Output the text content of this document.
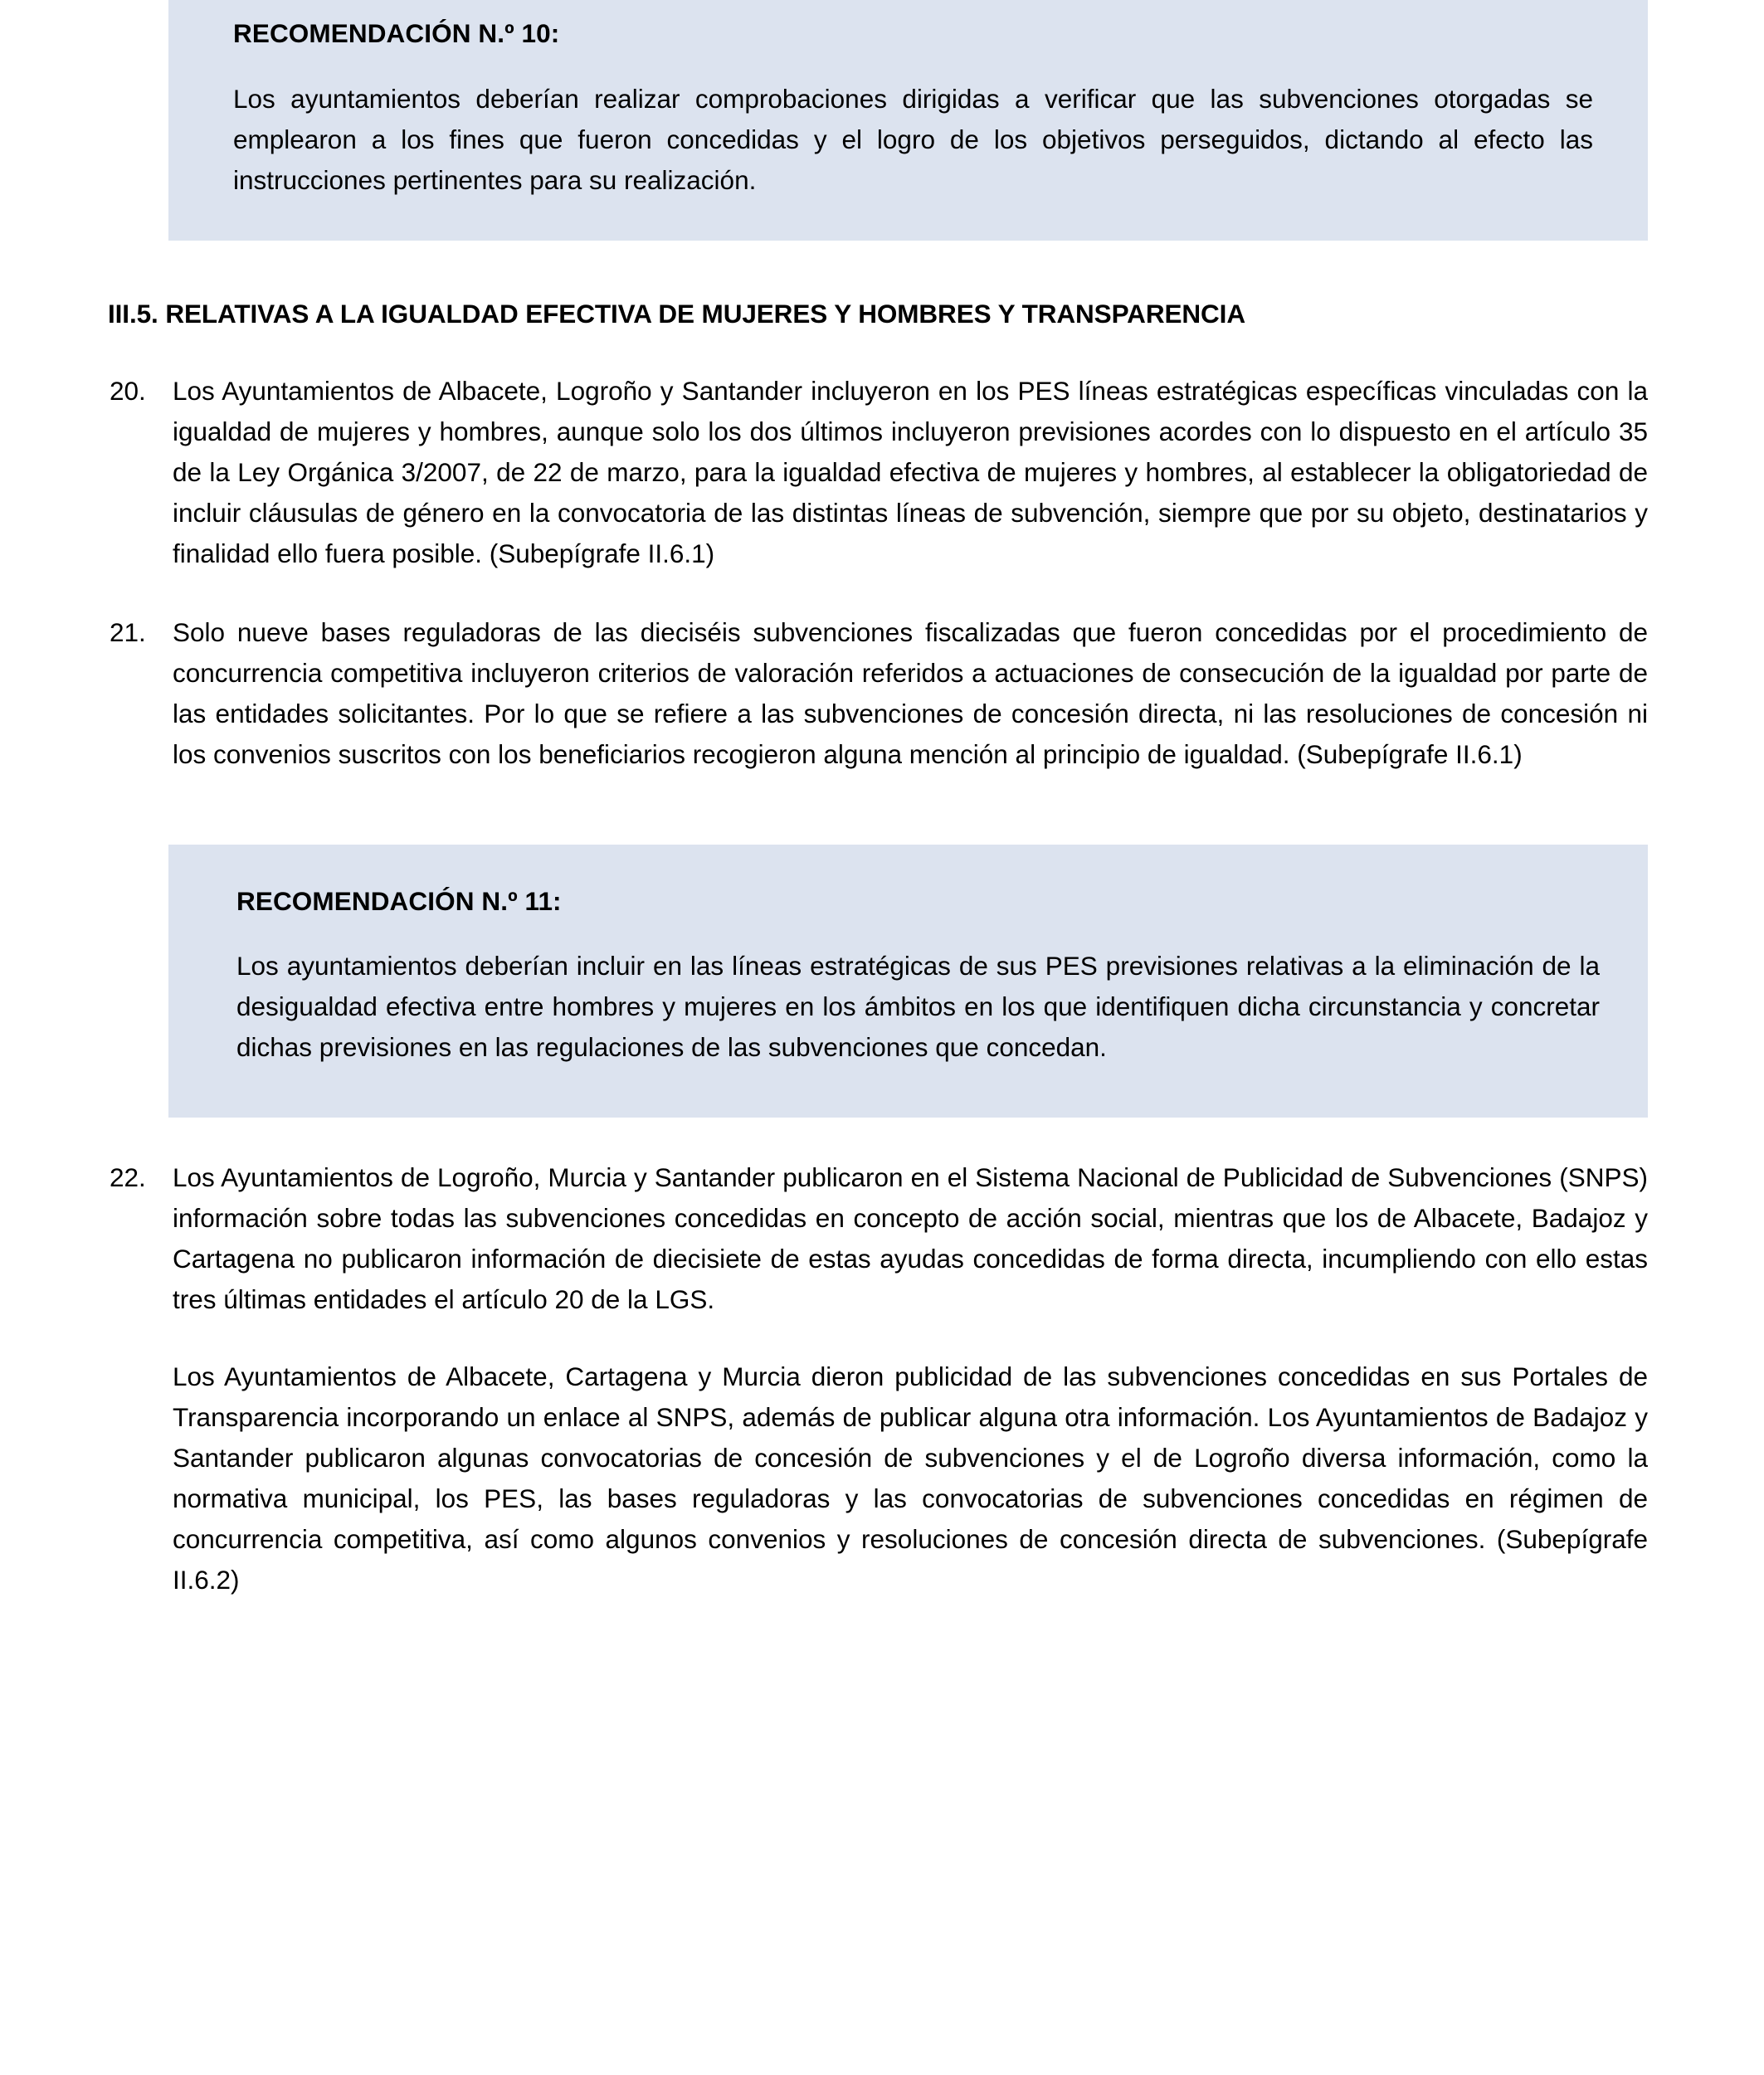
RECOMENDACIÓN N.º 10:
Los ayuntamientos deberían realizar comprobaciones dirigidas a verificar que las subvenciones otorgadas se emplearon a los fines que fueron concedidas y el logro de los objetivos perseguidos, dictando al efecto las instrucciones pertinentes para su realización.
III.5. RELATIVAS A LA IGUALDAD EFECTIVA DE MUJERES Y HOMBRES Y TRANSPARENCIA
20.	Los Ayuntamientos de Albacete, Logroño y Santander incluyeron en los PES líneas estratégicas específicas vinculadas con la igualdad de mujeres y hombres, aunque solo los dos últimos incluyeron previsiones acordes con lo dispuesto en el artículo 35 de la Ley Orgánica 3/2007, de 22 de marzo, para la igualdad efectiva de mujeres y hombres, al establecer la obligatoriedad de incluir cláusulas de género en la convocatoria de las distintas líneas de subvención, siempre que por su objeto, destinatarios y finalidad ello fuera posible. (Subepígrafe II.6.1)

21.	Solo nueve bases reguladoras de las dieciséis subvenciones fiscalizadas que fueron concedidas por el procedimiento de concurrencia competitiva incluyeron criterios de valoración referidos a actuaciones de consecución de la igualdad por parte de las entidades solicitantes. Por lo que se refiere a las subvenciones de concesión directa, ni las resoluciones de concesión ni los convenios suscritos con los beneficiarios recogieron alguna mención al principio de igualdad. (Subepígrafe II.6.1)

RECOMENDACIÓN N.º 11:
Los ayuntamientos deberían incluir en las líneas estratégicas de sus PES previsiones relativas a la eliminación de la desigualdad efectiva entre hombres y mujeres en los ámbitos en los que identifiquen dicha circunstancia y concretar dichas previsiones en las regulaciones de las subvenciones que concedan.
22.	Los Ayuntamientos de Logroño, Murcia y Santander publicaron en el Sistema Nacional de Publicidad de Subvenciones (SNPS) información sobre todas las subvenciones concedidas en concepto de acción social, mientras que los de Albacete, Badajoz y Cartagena no publicaron información de diecisiete de estas ayudas concedidas de forma directa, incumpliendo con ello estas tres últimas entidades el artículo 20 de la LGS.

Los Ayuntamientos de Albacete, Cartagena y Murcia dieron publicidad de las subvenciones concedidas en sus Portales de Transparencia incorporando un enlace al SNPS, además de publicar alguna otra información. Los Ayuntamientos de Badajoz y Santander publicaron algunas convocatorias de concesión de subvenciones y el de Logroño diversa información, como la normativa municipal, los PES, las bases reguladoras y las convocatorias de subvenciones concedidas en régimen de concurrencia competitiva, así como algunos convenios y resoluciones de concesión directa de subvenciones. (Subepígrafe II.6.2)
